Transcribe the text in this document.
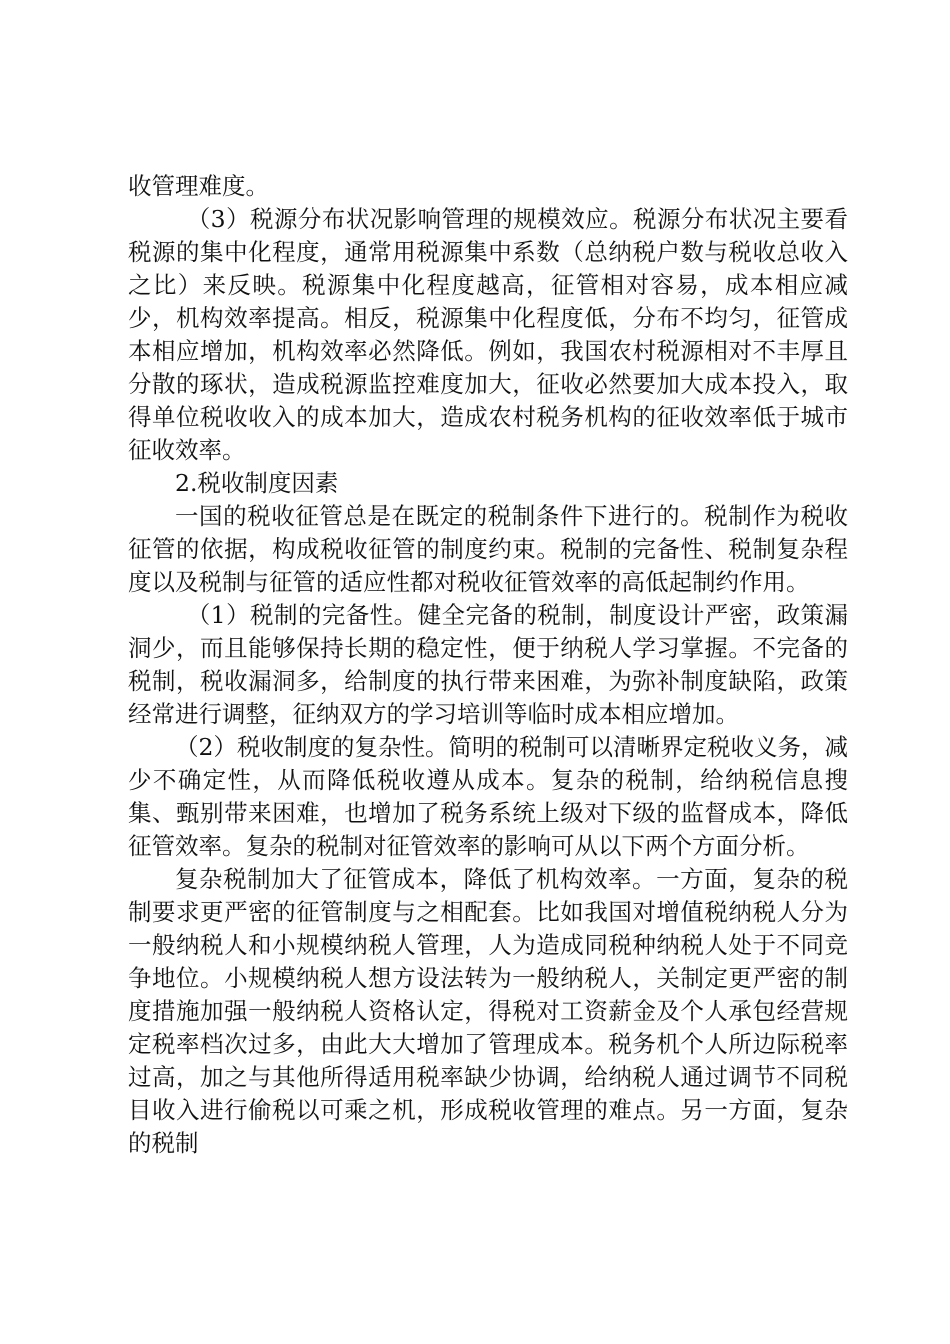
收管理难度。

（3）税源分布状况影响管理的规模效应。税源分布状况主要看税源的集中化程度，通常用税源集中系数（总纳税户数与税收总收入之比）来反映。税源集中化程度越高，征管相对容易，成本相应减少，机构效率提高。相反，税源集中化程度低，分布不均匀，征管成本相应增加，机构效率必然降低。例如，我国农村税源相对不丰厚且分散的琢状，造成税源监控难度加大，征收必然要加大成本投入，取得单位税收收入的成本加大，造成农村税务机构的征收效率低于城市征收效率。

2.税收制度因素

一国的税收征管总是在既定的税制条件下进行的。税制作为税收征管的依据，构成税收征管的制度约束。税制的完备性、税制复杂程度以及税制与征管的适应性都对税收征管效率的高低起制约作用。

（1）税制的完备性。健全完备的税制，制度设计严密，政策漏洞少，而且能够保持长期的稳定性，便于纳税人学习掌握。不完备的税制，税收漏洞多，给制度的执行带来困难，为弥补制度缺陷，政策经常进行调整，征纳双方的学习培训等临时成本相应增加。

（2）税收制度的复杂性。简明的税制可以清晰界定税收义务，减少不确定性，从而降低税收遵从成本。复杂的税制，给纳税信息搜集、甄别带来困难，也增加了税务系统上级对下级的监督成本，降低征管效率。复杂的税制对征管效率的影响可从以下两个方面分析。

复杂税制加大了征管成本，降低了机构效率。一方面，复杂的税制要求更严密的征管制度与之相配套。比如我国对增值税纳税人分为一般纳税人和小规模纳税人管理，人为造成同税种纳税人处于不同竞争地位。小规模纳税人想方设法转为一般纳税人，关制定更严密的制度措施加强一般纳税人资格认定，得税对工资薪金及个人承包经营规定税率档次过多，由此大大增加了管理成本。税务机个人所边际税率过高，加之与其他所得适用税率缺少协调，给纳税人通过调节不同税目收入进行偷税以可乘之机，形成税收管理的难点。另一方面，复杂的税制
